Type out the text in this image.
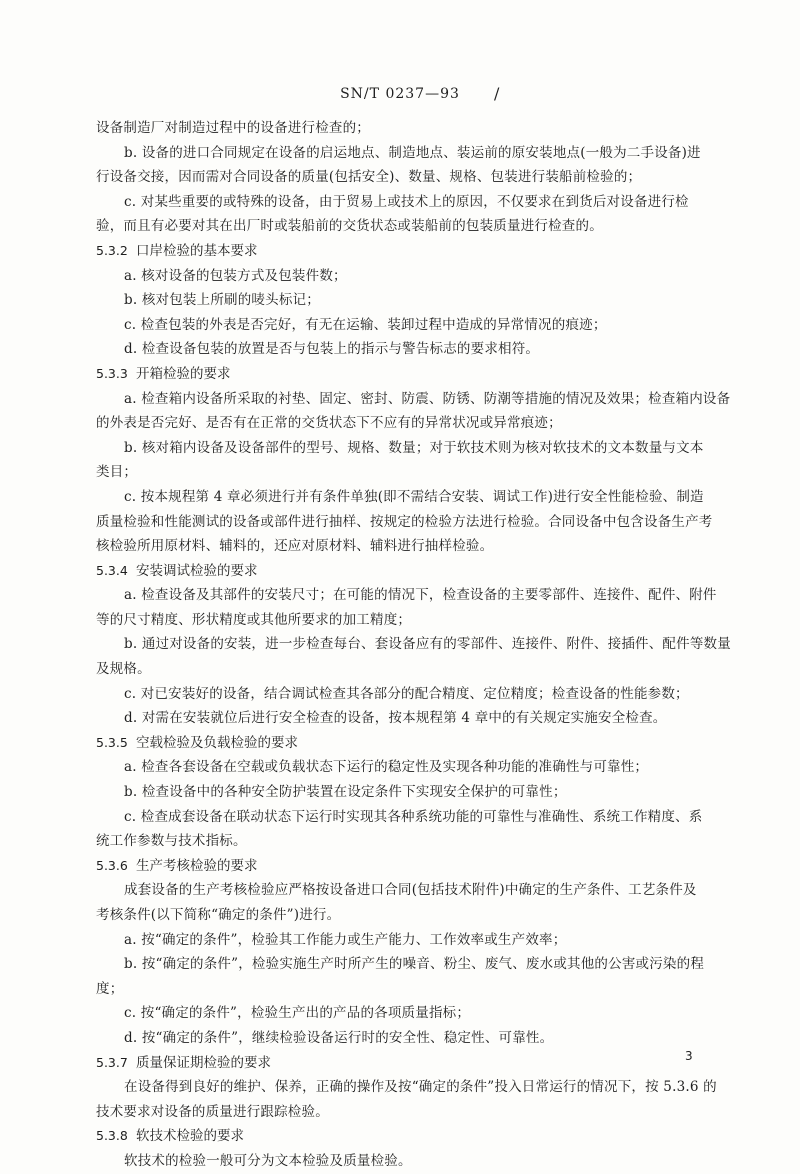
SN/T 0237—93	/
设备制造厂对制造过程中的设备进行检查的；
b. 设备的进口合同规定在设备的启运地点、制造地点、装运前的原安装地点(一般为二手设备)进
行设备交接，因而需对合同设备的质量(包括安全)、数量、规格、包装进行装船前检验的；
c. 对某些重要的或特殊的设备，由于贸易上或技术上的原因，不仅要求在到货后对设备进行检
验，而且有必要对其在出厂时或装船前的交货状态或装船前的包装质量进行检查的。
5.3.2 口岸检验的基本要求
a. 核对设备的包装方式及包装件数；
b. 核对包装上所刷的唛头标记；
c. 检查包装的外表是否完好，有无在运输、装卸过程中造成的异常情况的痕迹；
d. 检查设备包装的放置是否与包装上的指示与警告标志的要求相符。
5.3.3 开箱检验的要求
a. 检查箱内设备所采取的衬垫、固定、密封、防震、防锈、防潮等措施的情况及效果；检查箱内设备
的外表是否完好、是否有在正常的交货状态下不应有的异常状况或异常痕迹；
b. 核对箱内设备及设备部件的型号、规格、数量；对于软技术则为核对软技术的文本数量与文本
类目；
c. 按本规程第 4 章必须进行并有条件单独(即不需结合安装、调试工作)进行安全性能检验、制造
质量检验和性能测试的设备或部件进行抽样、按规定的检验方法进行检验。合同设备中包含设备生产考
核检验所用原材料、辅料的，还应对原材料、辅料进行抽样检验。
5.3.4 安装调试检验的要求
a. 检查设备及其部件的安装尺寸；在可能的情况下，检查设备的主要零部件、连接件、配件、附件
等的尺寸精度、形状精度或其他所要求的加工精度；
b. 通过对设备的安装，进一步检查每台、套设备应有的零部件、连接件、附件、接插件、配件等数量
及规格。
c. 对已安装好的设备，结合调试检查其各部分的配合精度、定位精度；检查设备的性能参数；
d. 对需在安装就位后进行安全检查的设备，按本规程第 4 章中的有关规定实施安全检查。
5.3.5 空载检验及负载检验的要求
a. 检查各套设备在空载或负载状态下运行的稳定性及实现各种功能的准确性与可靠性；
b. 检查设备中的各种安全防护装置在设定条件下实现安全保护的可靠性；
c. 检查成套设备在联动状态下运行时实现其各种系统功能的可靠性与准确性、系统工作精度、系
统工作参数与技术指标。
5.3.6 生产考核检验的要求
成套设备的生产考核检验应严格按设备进口合同(包括技术附件)中确定的生产条件、工艺条件及
考核条件(以下简称“确定的条件”)进行。
a. 按“确定的条件”，检验其工作能力或生产能力、工作效率或生产效率；
b. 按“确定的条件”，检验实施生产时所产生的噪音、粉尘、废气、废水或其他的公害或污染的程
度；
c. 按“确定的条件”，检验生产出的产品的各项质量指标；
d. 按“确定的条件”，继续检验设备运行时的安全性、稳定性、可靠性。
5.3.7 质量保证期检验的要求
在设备得到良好的维护、保养，正确的操作及按“确定的条件”投入日常运行的情况下，按 5.3.6 的
技术要求对设备的质量进行跟踪检验。
5.3.8 软技术检验的要求
软技术的检验一般可分为文本检验及质量检验。
3
